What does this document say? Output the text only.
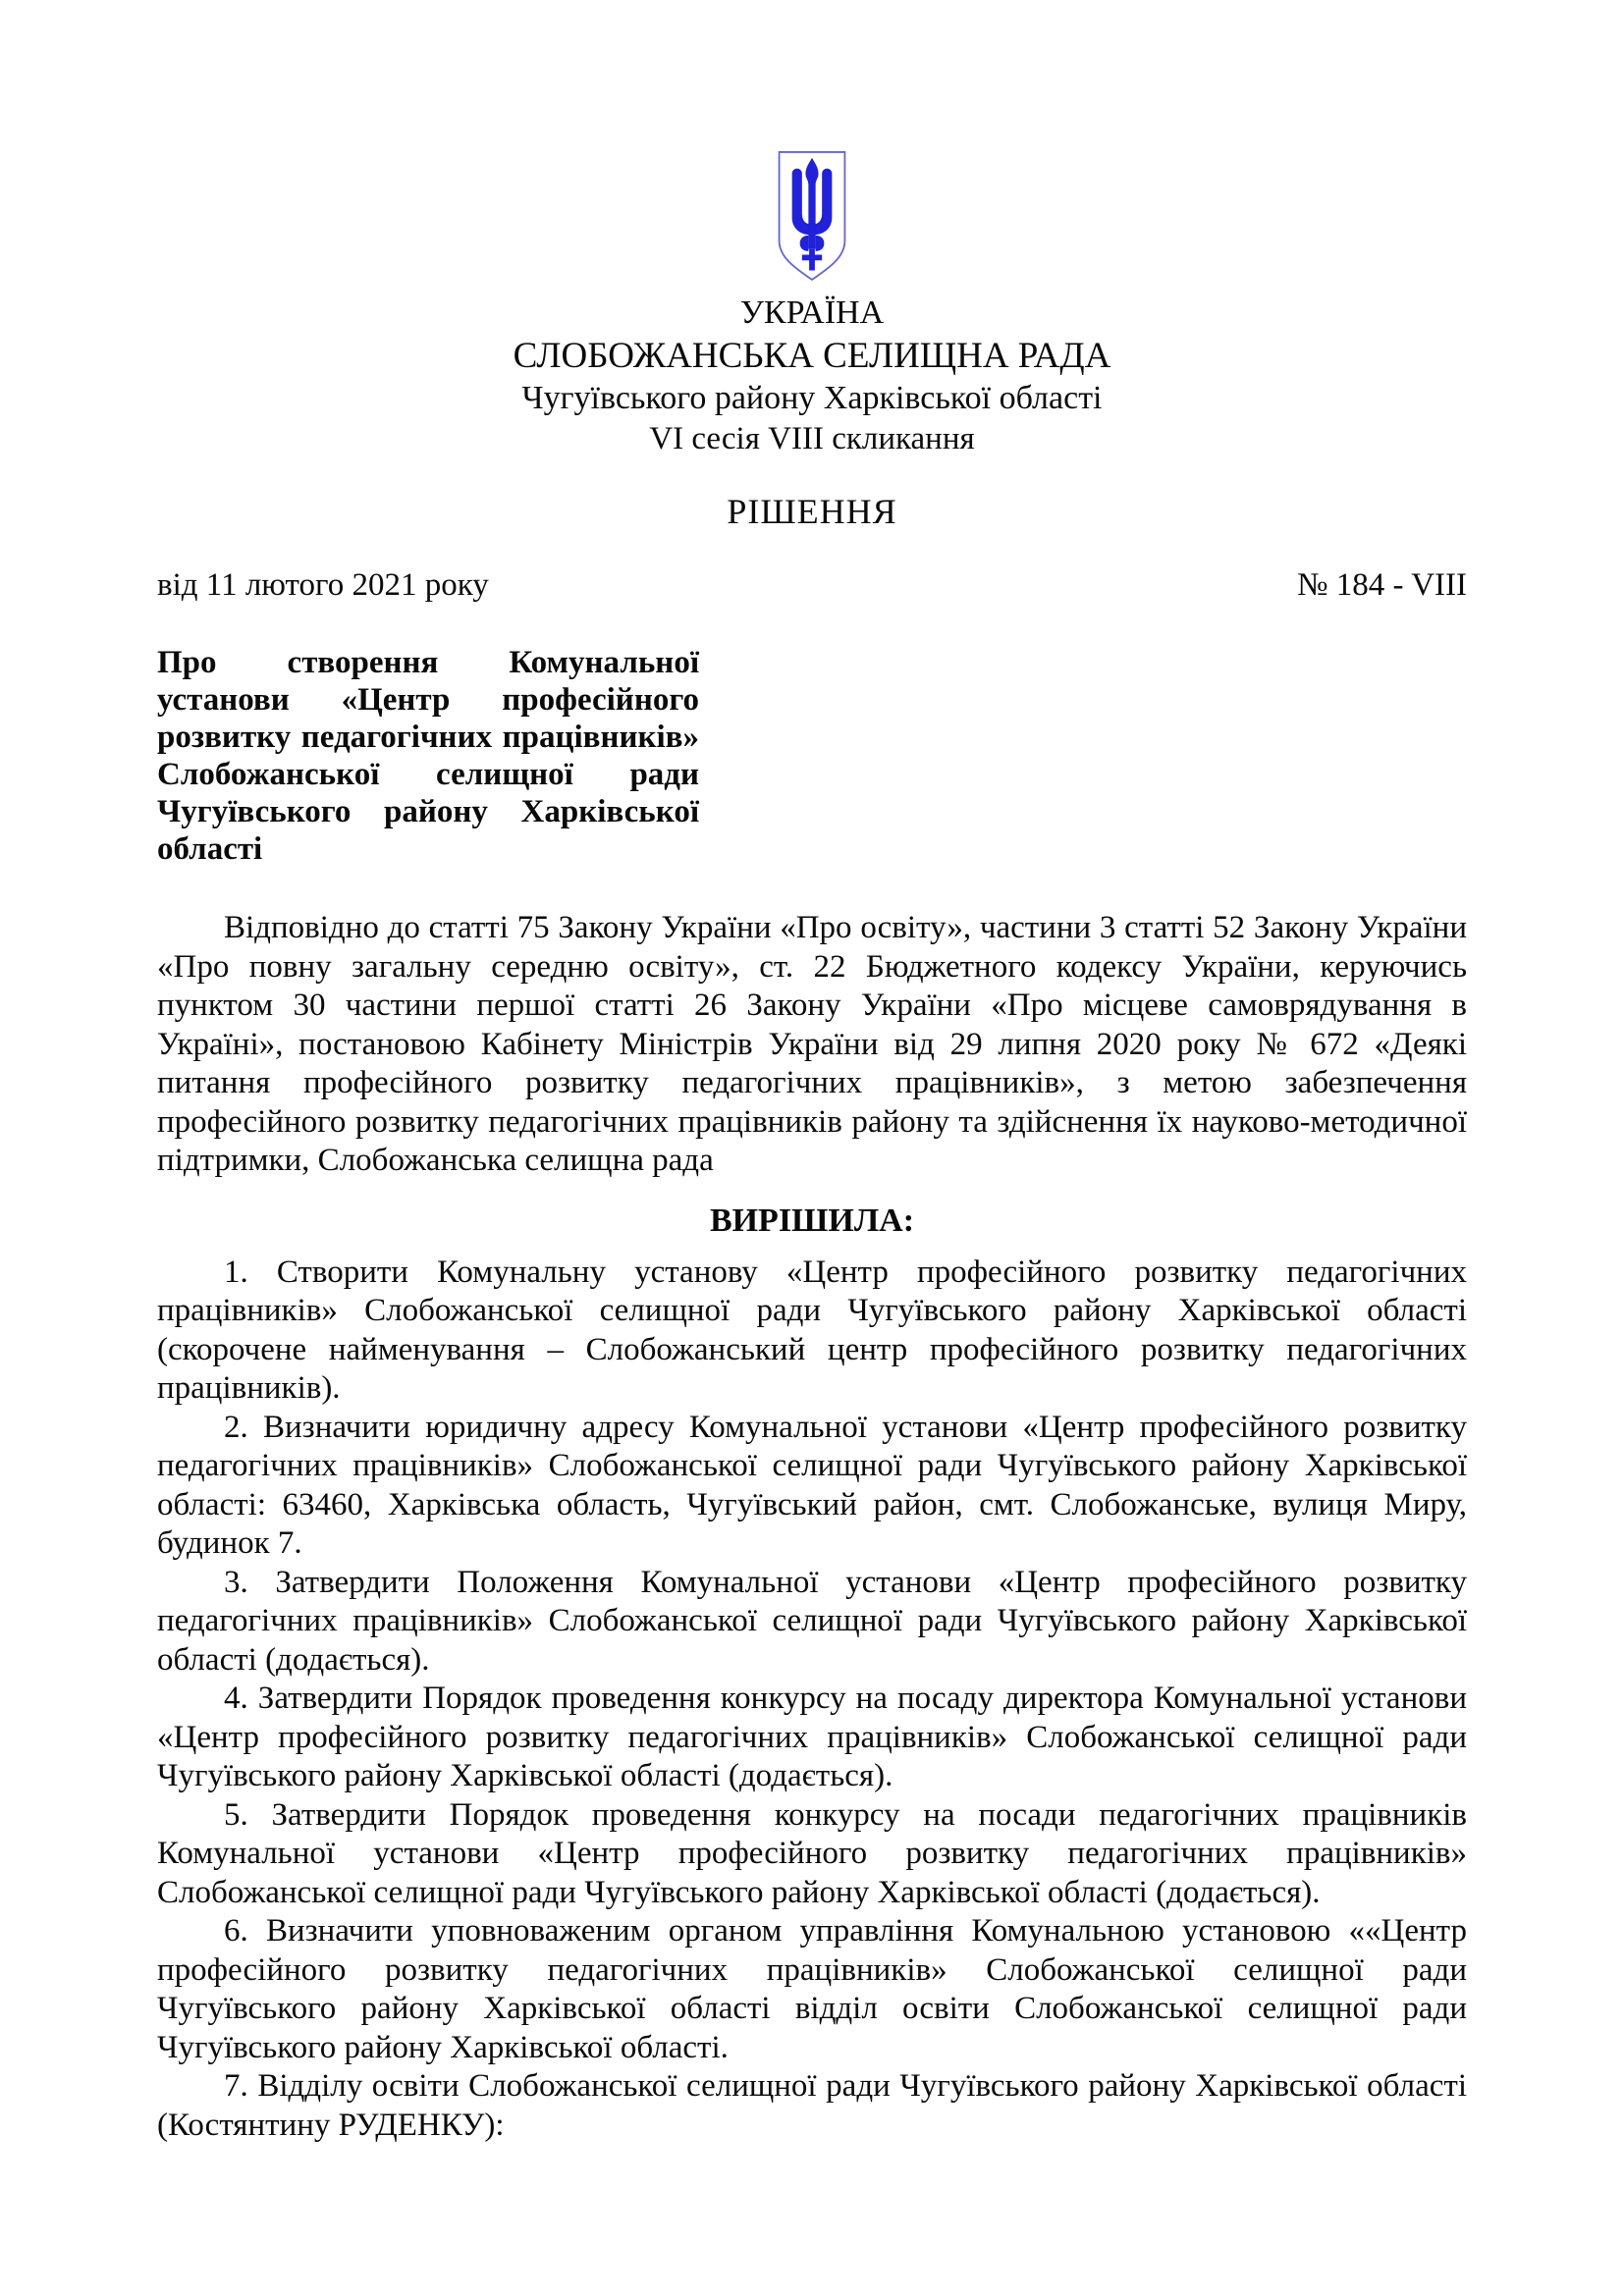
УКРАЇНА
СЛОБОЖАНСЬКА СЕЛИЩНА РАДА
Чугуївського району Харківської області
VI сесія VIII скликання
РІШЕННЯ
від 11 лютого 2021 року	№ 184 - VIII
Про створення Комунальної установи «Центр професійного розвитку педагогічних працівників» Слобожанської селищної ради Чугуївського району Харківської області
Відповідно до статті 75 Закону України «Про освіту», частини 3 статті 52 Закону України «Про повну загальну середню освіту», ст. 22 Бюджетного кодексу України, керуючись пунктом 30 частини першої статті 26 Закону України «Про місцеве самоврядування в Україні», постановою Кабінету Міністрів України від 29 липня 2020 року № 672 «Деякі питання професійного розвитку педагогічних працівників», з метою забезпечення професійного розвитку педагогічних працівників району та здійснення їх науково-методичної підтримки, Слобожанська селищна рада
ВИРІШИЛА:

1. Створити Комунальну установу «Центр професійного розвитку педагогічних працівників» Слобожанської селищної ради Чугуївського району Харківської області (скорочене найменування – Слобожанський центр професійного розвитку педагогічних працівників).

2. Визначити юридичну адресу Комунальної установи «Центр професійного розвитку педагогічних працівників» Слобожанської селищної ради Чугуївського району Харківської області: 63460, Харківська область, Чугуївський район, смт. Слобожанське, вулиця Миру, будинок 7.

3. Затвердити Положення Комунальної установи «Центр професійного розвитку педагогічних працівників» Слобожанської селищної ради Чугуївського району Харківської області (додається).

4. Затвердити Порядок проведення конкурсу на посаду директора Комунальної установи «Центр професійного розвитку педагогічних працівників» Слобожанської селищної ради Чугуївського району Харківської області (додається).

5. Затвердити Порядок проведення конкурсу на посади педагогічних працівників Комунальної установи «Центр професійного розвитку педагогічних працівників» Слобожанської селищної ради Чугуївського району Харківської області (додається).

6. Визначити уповноваженим органом управління Комунальною установою ««Центр професійного розвитку педагогічних працівників» Слобожанської селищної ради Чугуївського району Харківської області відділ освіти Слобожанської селищної ради Чугуївського району Харківської області.

7. Відділу освіти Слобожанської селищної ради Чугуївського району Харківської області (Костянтину РУДЕНКУ):
